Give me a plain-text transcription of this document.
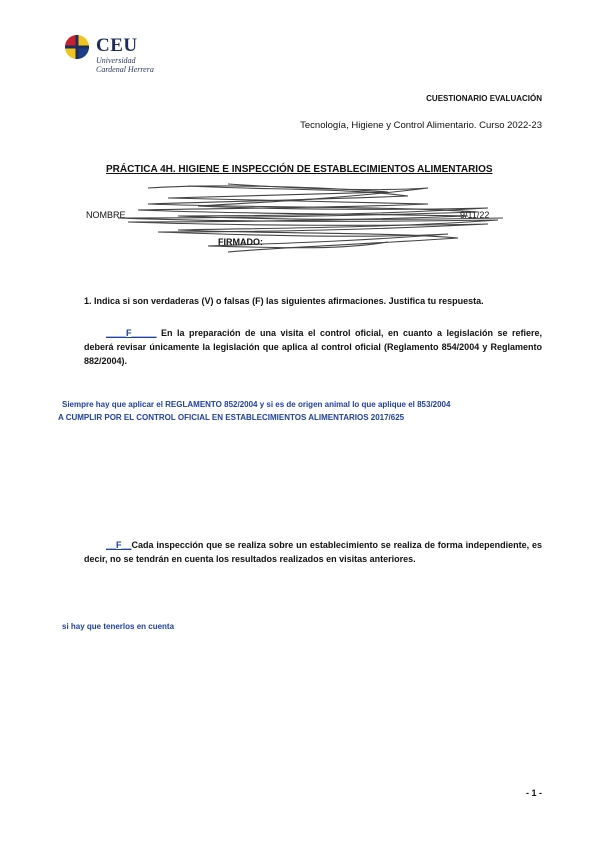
CEU
Universidad
Cardenal Herrera
CUESTIONARIO EVALUACIÓN
Tecnología, Higiene y Control Alimentario. Curso 2022-23
PRÁCTICA 4H. HIGIENE E INSPECCIÓN DE ESTABLECIMIENTOS ALIMENTARIOS
NOMBRE	9/11/22
FIRMADO:
1. Indica si son verdaderas (V) o falsas (F) las siguientes afirmaciones. Justifica tu respuesta.
____F_____ En la preparación de una visita el control oficial, en cuanto a legislación se refiere, deberá revisar únicamente la legislación que aplica al control oficial (Reglamento 854/2004 y Reglamento 882/2004).
Siempre hay que aplicar el REGLAMENTO 852/2004 y si es de origen animal lo que aplique el 853/2004
A CUMPLIR POR EL CONTROL OFICIAL EN ESTABLECIMIENTOS ALIMENTARIOS 2017/625
__F__Cada inspección que se realiza sobre un establecimiento se realiza de forma independiente, es decir, no se tendrán en cuenta los resultados realizados en visitas anteriores.
si hay que tenerlos en cuenta
- 1 -
